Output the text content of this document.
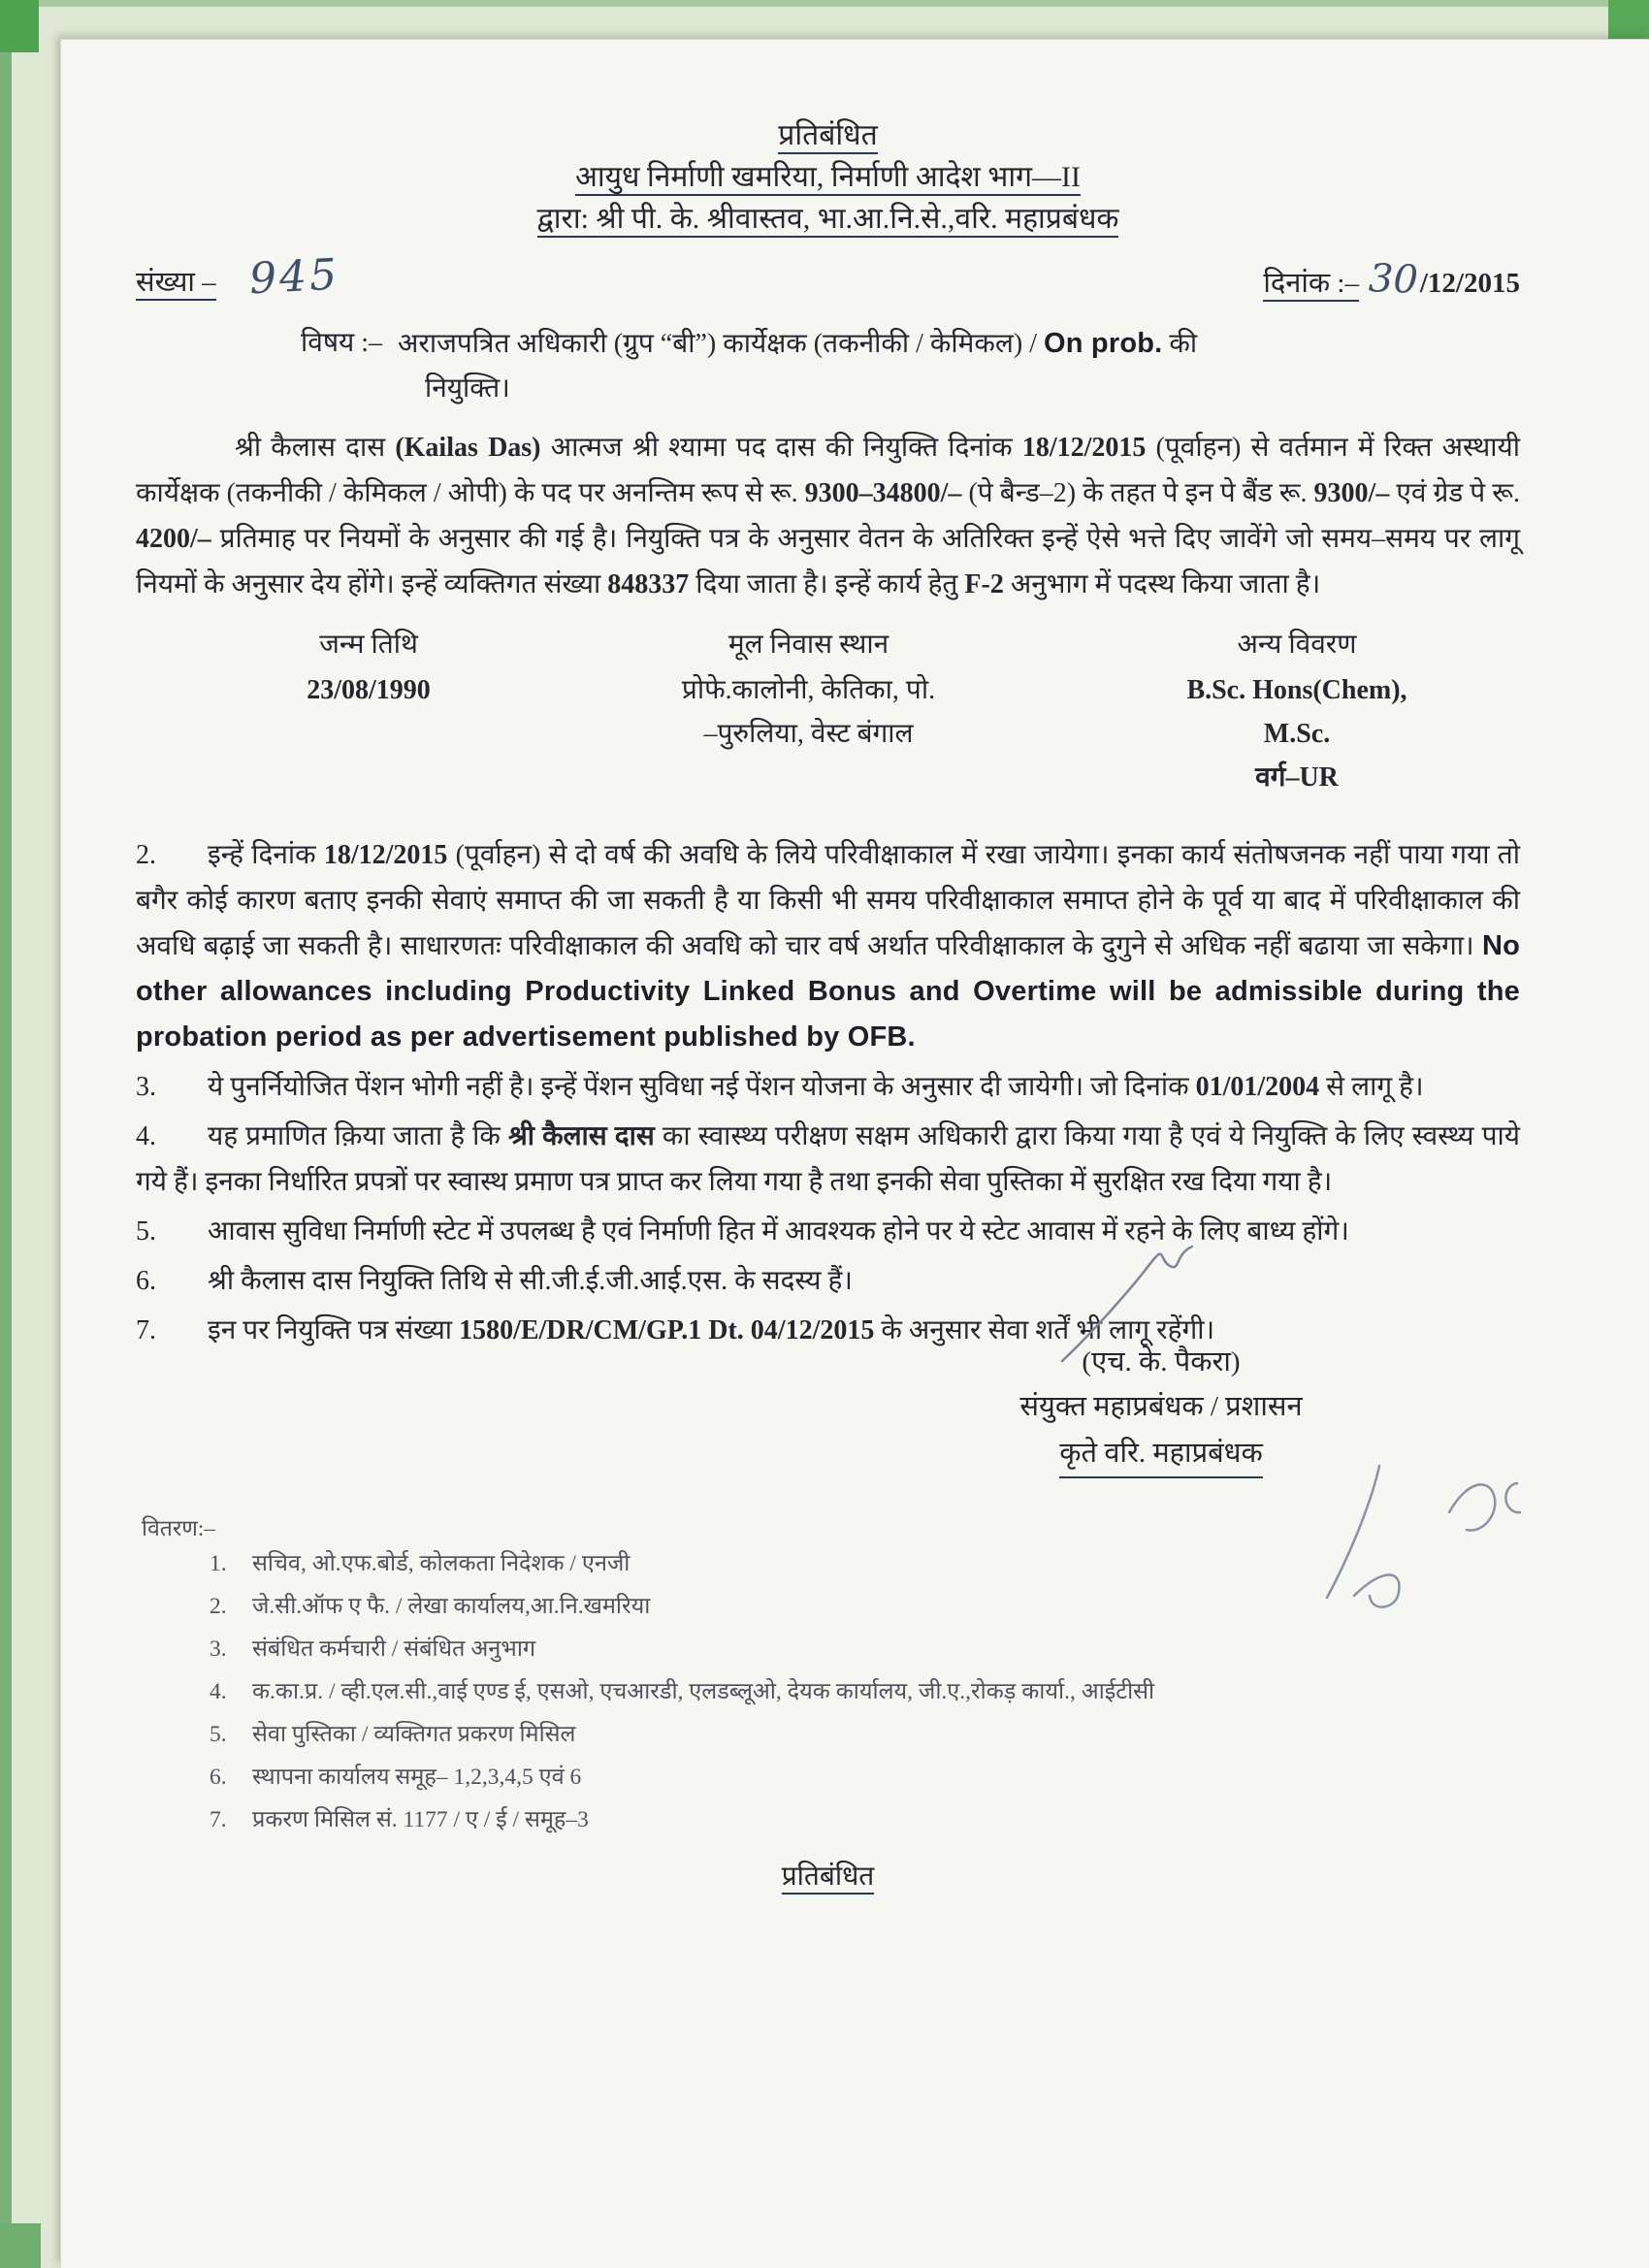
प्रतिबंधित
आयुध निर्माणी खमरिया, निर्माणी आदेश भाग—II
द्वारा: श्री पी. के. श्रीवास्तव, भा.आ.नि.से.,वरि. महाप्रबंधक
संख्या – 945	दिनांक :– 30/12/2015
विषय :– अराजपत्रित अधिकारी (ग्रुप “बी”) कार्येक्षक (तकनीकी / केमिकल) / On prob. की
नियुक्ति।
श्री कैलास दास (Kailas Das) आत्मज श्री श्यामा पद दास की नियुक्ति दिनांक 18/12/2015 (पूर्वाहन) से वर्तमान में रिक्त अस्थायी कार्येक्षक (तकनीकी / केमिकल / ओपी) के पद पर अनन्तिम रूप से रू. 9300–34800/– (पे बैन्ड–2) के तहत पे इन पे बैंड रू. 9300/– एवं ग्रेड पे रू. 4200/– प्रतिमाह पर नियमों के अनुसार की गई है। नियुक्ति पत्र के अनुसार वेतन के अतिरिक्त इन्हें ऐसे भत्ते दिए जावेंगे जो समय–समय पर लागू नियमों के अनुसार देय होंगे। इन्हें व्यक्तिगत संख्या 848337 दिया जाता है। इन्हें कार्य हेतु F-2 अनुभाग में पदस्थ किया जाता है।
जन्म तिथि
23/08/1990
मूल निवास स्थान
प्रोफे.कालोनी, केतिका, पो.
–पुरुलिया, वेस्ट बंगाल
अन्य विवरण
B.Sc. Hons(Chem),
M.Sc.
वर्ग–UR
2. इन्हें दिनांक 18/12/2015 (पूर्वाहन) से दो वर्ष की अवधि के लिये परिवीक्षाकाल में रखा जायेगा। इनका कार्य संतोषजनक नहीं पाया गया तो बगैर कोई कारण बताए इनकी सेवाएं समाप्त की जा सकती है या किसी भी समय परिवीक्षाकाल समाप्त होने के पूर्व या बाद में परिवीक्षाकाल की अवधि बढ़ाई जा सकती है। साधारणतः परिवीक्षाकाल की अवधि को चार वर्ष अर्थात परिवीक्षाकाल के दुगुने से अधिक नहीं बढाया जा सकेगा। No other allowances including Productivity Linked Bonus and Overtime will be admissible during the probation period as per advertisement published by OFB.
3. ये पुनर्नियोजित पेंशन भोगी नहीं है। इन्हें पेंशन सुविधा नई पेंशन योजना के अनुसार दी जायेगी। जो दिनांक 01/01/2004 से लागू है।
4. यह प्रमाणित क़िया जाता है कि श्री कैलास दास का स्वास्थ्य परीक्षण सक्षम अधिकारी द्वारा किया गया है एवं ये नियुक्ति के लिए स्वस्थ्य पाये गये हैं। इनका निर्धारित प्रपत्रों पर स्वास्थ प्रमाण पत्र प्राप्त कर लिया गया है तथा इनकी सेवा पुस्तिका में सुरक्षित रख दिया गया है।
5. आवास सुविधा निर्माणी स्टेट में उपलब्ध है एवं निर्माणी हित में आवश्यक होने पर ये स्टेट आवास में रहने के लिए बाध्य होंगे।
6. श्री कैलास दास नियुक्ति तिथि से सी.जी.ई.जी.आई.एस. के सदस्य हैं।
7. इन पर नियुक्ति पत्र संख्या 1580/E/DR/CM/GP.1 Dt. 04/12/2015 के अनुसार सेवा शर्तें भी लागू रहेंगी।
(एच. के. पैकरा)
संयुक्त महाप्रबंधक / प्रशासन
कृते वरि. महाप्रबंधक
वितरण:–
1. सचिव, ओ.एफ.बोर्ड, कोलकता निदेशक / एनजी
2. जे.सी.ऑफ ए फै. / लेखा कार्यालय,आ.नि.खमरिया
3. संबंधित कर्मचारी / संबंधित अनुभाग
4. क.का.प्र. / व्ही.एल.सी.,वाई एण्ड ई, एसओ, एचआरडी, एलडब्लूओ, देयक कार्यालय, जी.ए.,रोकड़ कार्या., आईटीसी
5. सेवा पुस्तिका / व्यक्तिगत प्रकरण मिसिल
6. स्थापना कार्यालय समूह– 1,2,3,4,5 एवं 6
7. प्रकरण मिसिल सं. 1177 / ए / ई / समूह–3
प्रतिबंधित
